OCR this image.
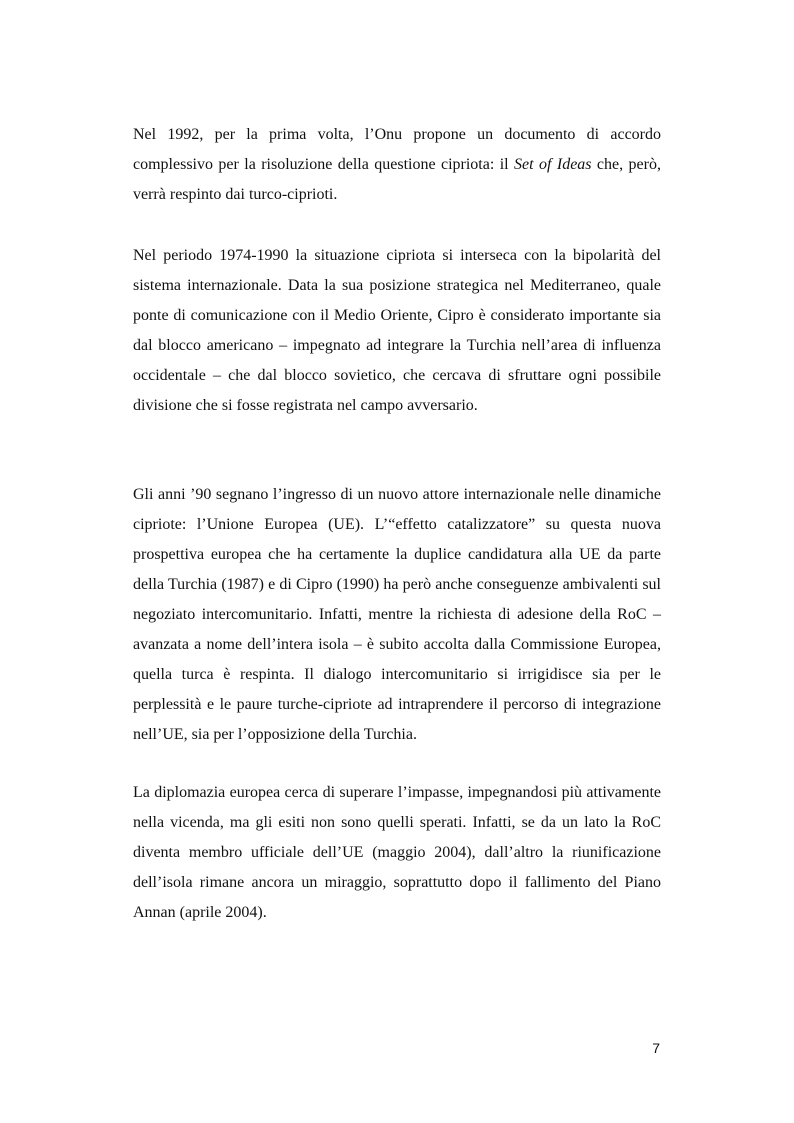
Nel 1992, per la prima volta, l’Onu propone un documento di accordo complessivo per la risoluzione della questione cipriota: il Set of Ideas che, però, verrà respinto dai turco-ciprioti.

Nel periodo 1974-1990 la situazione cipriota si interseca con la bipolarità del sistema internazionale. Data la sua posizione strategica nel Mediterraneo, quale ponte di comunicazione con il Medio Oriente, Cipro è considerato importante sia dal blocco americano – impegnato ad integrare la Turchia nell’area di influenza occidentale – che dal blocco sovietico, che cercava di sfruttare ogni possibile divisione che si fosse registrata nel campo avversario.

Gli anni ’90 segnano l’ingresso di un nuovo attore internazionale nelle dinamiche cipriote: l’Unione Europea (UE). L’“effetto catalizzatore” su questa nuova prospettiva europea che ha certamente la duplice candidatura alla UE da parte della Turchia (1987) e di Cipro (1990) ha però anche conseguenze ambivalenti sul negoziato intercomunitario. Infatti, mentre la richiesta di adesione della RoC – avanzata a nome dell’intera isola – è subito accolta dalla Commissione Europea, quella turca è respinta. Il dialogo intercomunitario si irrigidisce sia per le perplessità e le paure turche-cipriote ad intraprendere il percorso di integrazione nell’UE, sia per l’opposizione della Turchia.

La diplomazia europea cerca di superare l’impasse, impegnandosi più attivamente nella vicenda, ma gli esiti non sono quelli sperati. Infatti, se da un lato la RoC diventa membro ufficiale dell’UE (maggio 2004), dall’altro la riunificazione dell’isola rimane ancora un miraggio, soprattutto dopo il fallimento del Piano Annan (aprile 2004).

7
